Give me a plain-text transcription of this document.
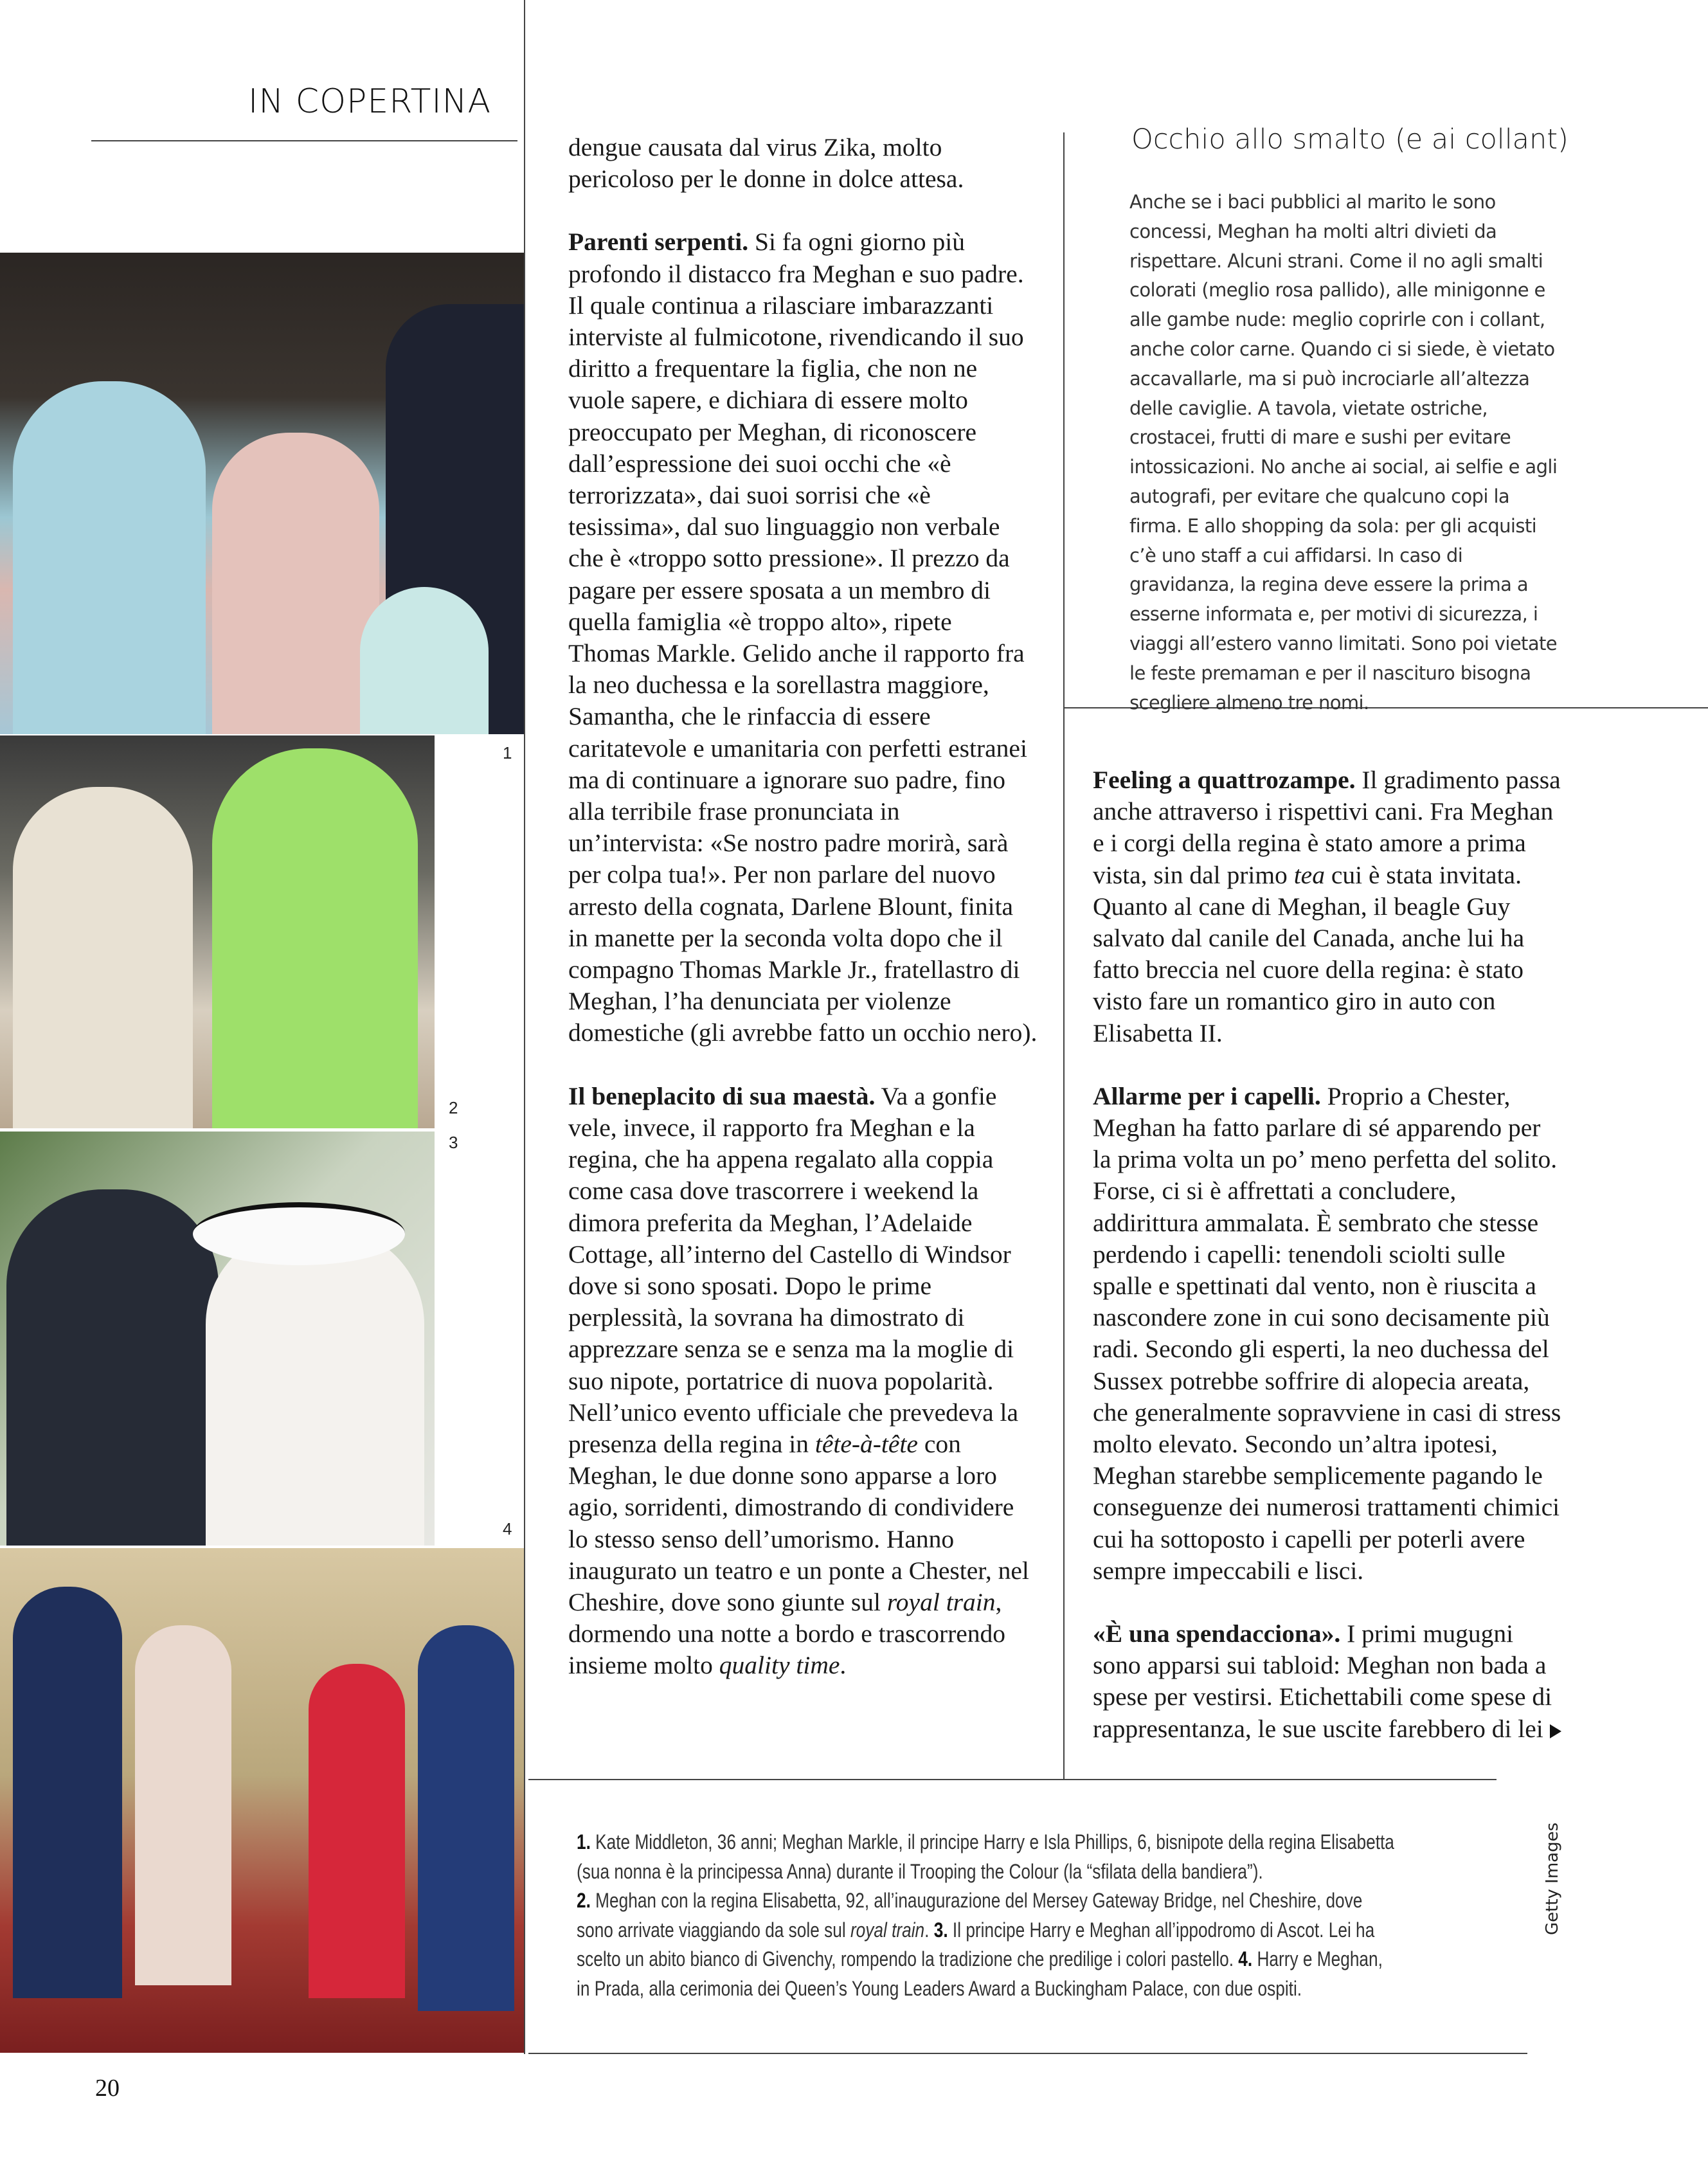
IN COPERTINA
1
2
3
4

dengue causata dal virus Zika, molto pericoloso per le donne in dolce attesa.

Parenti serpenti. Si fa ogni giorno più profondo il distacco fra Meghan e suo padre. Il quale continua a rilasciare imbarazzanti interviste al fulmicotone, rivendicando il suo diritto a frequentare la figlia, che non ne vuole sapere, e dichiara di essere molto preoccupato per Meghan, di riconoscere dall’espressione dei suoi occhi che «è terrorizzata», dai suoi sorrisi che «è tesissima», dal suo linguaggio non verbale che è «troppo sotto pressione». Il prezzo da pagare per essere sposata a un membro di quella famiglia «è troppo alto», ripete Thomas Markle. Gelido anche il rapporto fra la neo duchessa e la sorellastra maggiore, Samantha, che le rinfaccia di essere caritatevole e umanitaria con perfetti estranei ma di continuare a ignorare suo padre, fino alla terribile frase pronunciata in un’intervista: «Se nostro padre morirà, sarà per colpa tua!». Per non parlare del nuovo arresto della cognata, Darlene Blount, finita in manette per la seconda volta dopo che il compagno Thomas Markle Jr., fratellastro di Meghan, l’ha denunciata per violenze domestiche (gli avrebbe fatto un occhio nero).

Il beneplacito di sua maestà. Va a gonfie vele, invece, il rapporto fra Meghan e la regina, che ha appena regalato alla coppia come casa dove trascorrere i weekend la dimora preferita da Meghan, l’Adelaide Cottage, all’interno del Castello di Windsor dove si sono sposati. Dopo le prime perplessità, la sovrana ha dimostrato di apprezzare senza se e senza ma la moglie di suo nipote, portatrice di nuova popolarità. Nell’unico evento ufficiale che prevedeva la presenza della regina in tête-à-tête con Meghan, le due donne sono apparse a loro agio, sorridenti, dimostrando di condividere lo stesso senso dell’umorismo. Hanno inaugurato un teatro e un ponte a Chester, nel Cheshire, dove sono giunte sul royal train, dormendo una notte a bordo e trascorrendo insieme molto quality time.

Occhio allo smalto (e ai collant)
Anche se i baci pubblici al marito le sono concessi, Meghan ha molti altri divieti da rispettare. Alcuni strani. Come il no agli smalti colorati (meglio rosa pallido), alle minigonne e alle gambe nude: meglio coprirle con i collant, anche color carne. Quando ci si siede, è vietato accavallarle, ma si può incrociarle all’altezza delle caviglie. A tavola, vietate ostriche, crostacei, frutti di mare e sushi per evitare intossicazioni. No anche ai social, ai selfie e agli autografi, per evitare che qualcuno copi la firma. E allo shopping da sola: per gli acquisti c’è uno staff a cui affidarsi. In caso di gravidanza, la regina deve essere la prima a esserne informata e, per motivi di sicurezza, i viaggi all’estero vanno limitati. Sono poi vietate le feste premaman e per il nascituro bisogna scegliere almeno tre nomi.

Feeling a quattrozampe. Il gradimento passa anche attraverso i rispettivi cani. Fra Meghan e i corgi della regina è stato amore a prima vista, sin dal primo tea cui è stata invitata. Quanto al cane di Meghan, il beagle Guy salvato dal canile del Canada, anche lui ha fatto breccia nel cuore della regina: è stato visto fare un romantico giro in auto con Elisabetta II.

Allarme per i capelli. Proprio a Chester, Meghan ha fatto parlare di sé apparendo per la prima volta un po’ meno perfetta del solito. Forse, ci si è affrettati a concludere, addirittura ammalata. È sembrato che stesse perdendo i capelli: tenendoli sciolti sulle spalle e spettinati dal vento, non è riuscita a nascondere zone in cui sono decisamente più radi. Secondo gli esperti, la neo duchessa del Sussex potrebbe soffrire di alopecia areata, che generalmente sopravviene in casi di stress molto elevato. Secondo un’altra ipotesi, Meghan starebbe semplicemente pagando le conseguenze dei numerosi trattamenti chimici cui ha sottoposto i capelli per poterli avere sempre impeccabili e lisci.

«È una spendacciona». I primi mugugni sono apparsi sui tabloid: Meghan non bada a spese per vestirsi. Etichettabili come spese di rappresentanza, le sue uscite farebbero di lei

1. Kate Middleton, 36 anni; Meghan Markle, il principe Harry e Isla Phillips, 6, bisnipote della regina Elisabetta (sua nonna è la principessa Anna) durante il Trooping the Colour (la “sfilata della bandiera”).
2. Meghan con la regina Elisabetta, 92, all’inaugurazione del Mersey Gateway Bridge, nel Cheshire, dove sono arrivate viaggiando da sole sul royal train. 3. Il principe Harry e Meghan all’ippodromo di Ascot. Lei ha scelto un abito bianco di Givenchy, rompendo la tradizione che predilige i colori pastello. 4. Harry e Meghan, in Prada, alla cerimonia dei Queen’s Young Leaders Award a Buckingham Palace, con due ospiti.
Getty Images
20
